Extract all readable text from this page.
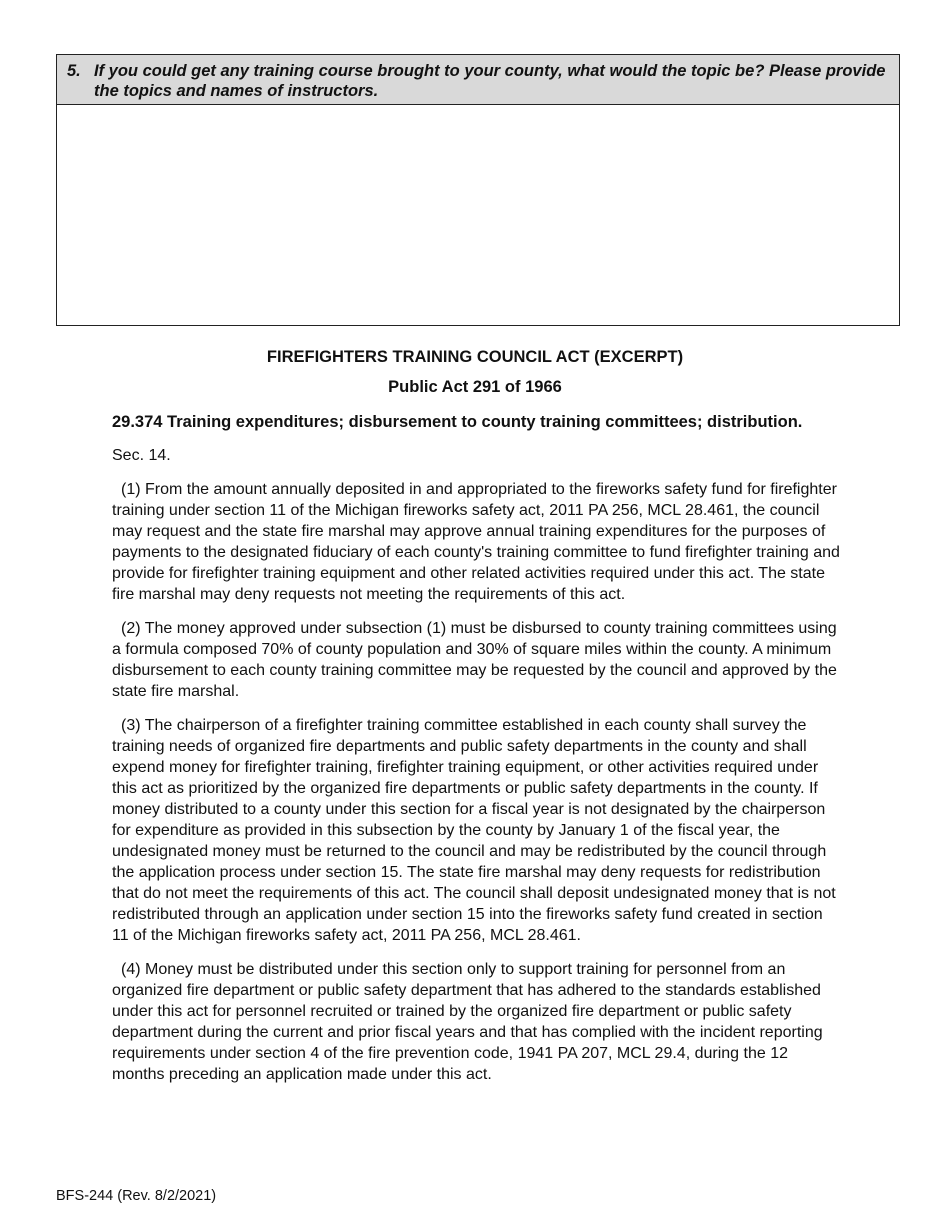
5. If you could get any training course brought to your county, what would the topic be? Please provide the topics and names of instructors.
FIREFIGHTERS TRAINING COUNCIL ACT (EXCERPT)
Public Act 291 of 1966
29.374 Training expenditures; disbursement to county training committees; distribution.
Sec. 14.

(1) From the amount annually deposited in and appropriated to the fireworks safety fund for firefighter training under section 11 of the Michigan fireworks safety act, 2011 PA 256, MCL 28.461, the council may request and the state fire marshal may approve annual training expenditures for the purposes of payments to the designated fiduciary of each county's training committee to fund firefighter training and provide for firefighter training equipment and other related activities required under this act. The state fire marshal may deny requests not meeting the requirements of this act.

(2) The money approved under subsection (1) must be disbursed to county training committees using a formula composed 70% of county population and 30% of square miles within the county. A minimum disbursement to each county training committee may be requested by the council and approved by the state fire marshal.

(3) The chairperson of a firefighter training committee established in each county shall survey the training needs of organized fire departments and public safety departments in the county and shall expend money for firefighter training, firefighter training equipment, or other activities required under this act as prioritized by the organized fire departments or public safety departments in the county. If money distributed to a county under this section for a fiscal year is not designated by the chairperson for expenditure as provided in this subsection by the county by January 1 of the fiscal year, the undesignated money must be returned to the council and may be redistributed by the council through the application process under section 15. The state fire marshal may deny requests for redistribution that do not meet the requirements of this act. The council shall deposit undesignated money that is not redistributed through an application under section 15 into the fireworks safety fund created in section 11 of the Michigan fireworks safety act, 2011 PA 256, MCL 28.461.

(4) Money must be distributed under this section only to support training for personnel from an organized fire department or public safety department that has adhered to the standards established under this act for personnel recruited or trained by the organized fire department or public safety department during the current and prior fiscal years and that has complied with the incident reporting requirements under section 4 of the fire prevention code, 1941 PA 207, MCL 29.4, during the 12 months preceding an application made under this act.

BFS-244 (Rev. 8/2/2021)
